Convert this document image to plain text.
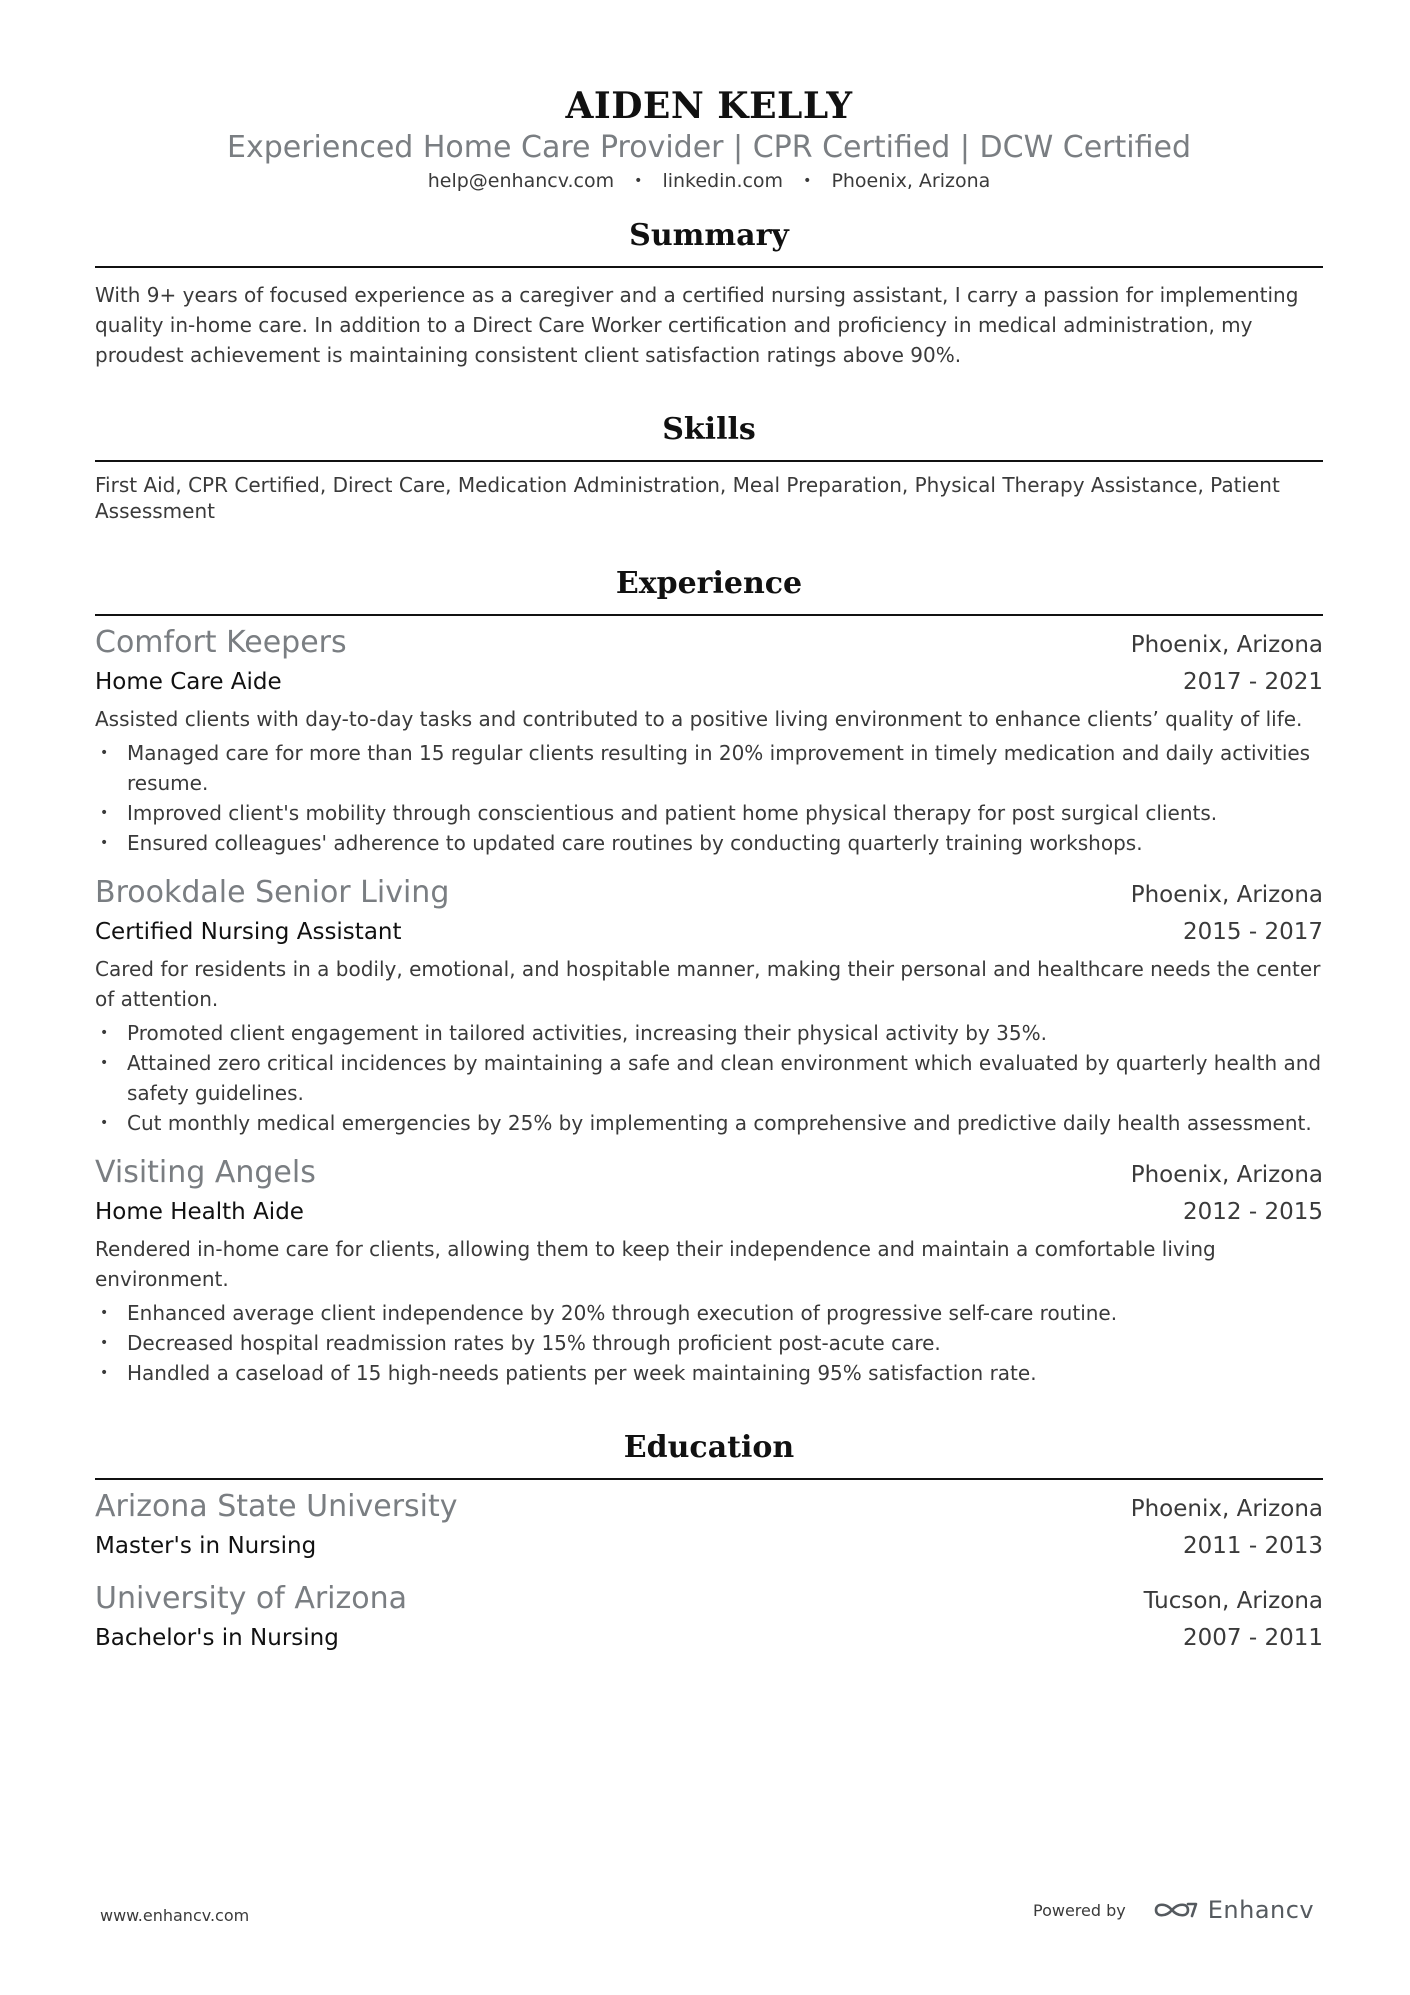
AIDEN KELLY
Experienced Home Care Provider | CPR Certified | DCW Certified
help@enhancv.com • linkedin.com • Phoenix, Arizona
Summary
With 9+ years of focused experience as a caregiver and a certified nursing assistant, I carry a passion for implementing quality in-home care. In addition to a Direct Care Worker certification and proficiency in medical administration, my proudest achievement is maintaining consistent client satisfaction ratings above 90%.
Skills
First Aid, CPR Certified, Direct Care, Medication Administration, Meal Preparation, Physical Therapy Assistance, Patient Assessment
Experience
Comfort Keepers	Phoenix, Arizona
Home Care Aide	2017 - 2021
Assisted clients with day-to-day tasks and contributed to a positive living environment to enhance clients’ quality of life.
• Managed care for more than 15 regular clients resulting in 20% improvement in timely medication and daily activities resume.
• Improved client's mobility through conscientious and patient home physical therapy for post surgical clients.
• Ensured colleagues' adherence to updated care routines by conducting quarterly training workshops.
Brookdale Senior Living	Phoenix, Arizona
Certified Nursing Assistant	2015 - 2017
Cared for residents in a bodily, emotional, and hospitable manner, making their personal and healthcare needs the center of attention.
• Promoted client engagement in tailored activities, increasing their physical activity by 35%.
• Attained zero critical incidences by maintaining a safe and clean environment which evaluated by quarterly health and safety guidelines.
• Cut monthly medical emergencies by 25% by implementing a comprehensive and predictive daily health assessment.
Visiting Angels	Phoenix, Arizona
Home Health Aide	2012 - 2015
Rendered in-home care for clients, allowing them to keep their independence and maintain a comfortable living environment.
• Enhanced average client independence by 20% through execution of progressive self-care routine.
• Decreased hospital readmission rates by 15% through proficient post-acute care.
• Handled a caseload of 15 high-needs patients per week maintaining 95% satisfaction rate.
Education
Arizona State University	Phoenix, Arizona
Master's in Nursing	2011 - 2013
University of Arizona	Tucson, Arizona
Bachelor's in Nursing	2007 - 2011
www.enhancv.com	Powered by	Enhancv
